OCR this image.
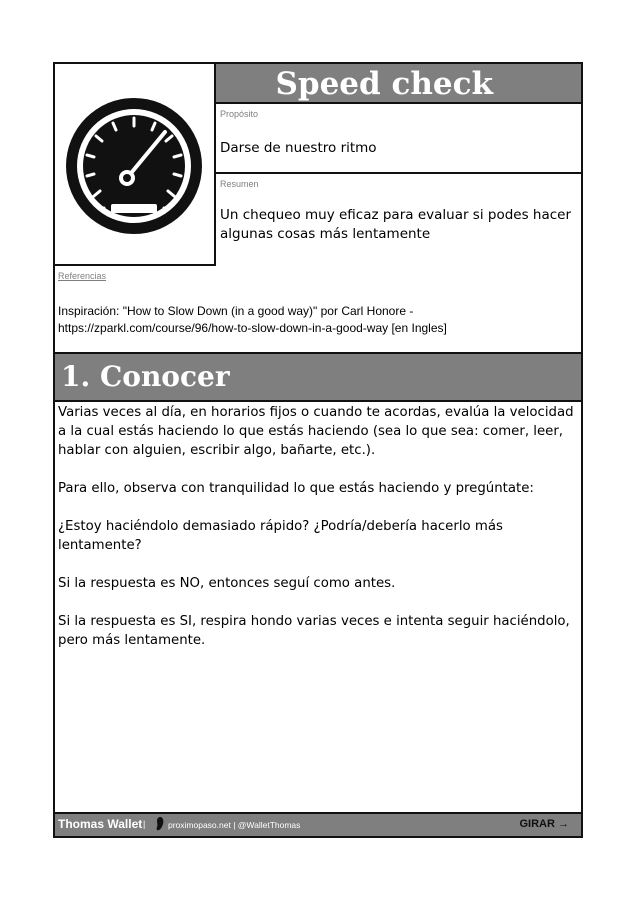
Speed check
Propósito
Darse de nuestro ritmo
Resumen
Un chequeo muy eficaz para evaluar si podes hacer algunas cosas más lentamente
Referencias
Inspiración: "How to Slow Down (in a good way)" por Carl Honore -
https://zparkl.com/course/96/how-to-slow-down-in-a-good-way [en Ingles]
1. Conocer

Varias veces al día, en horarios fijos o cuando te acordas, evalúa la velocidad a la cual estás haciendo lo que estás haciendo (sea lo que sea: comer, leer, hablar con alguien, escribir algo, bañarte, etc.).

Para ello, observa con tranquilidad lo que estás haciendo y pregúntate:

¿Estoy haciéndolo demasiado rápido? ¿Podría/debería hacerlo más lentamente?

Si la respuesta es NO, entonces seguí como antes.

Si la respuesta es SI, respira hondo varias veces e intenta seguir haciéndolo, pero más lentamente.

Thomas Wallet |	proximopaso.net | @WalletThomas	GIRAR →
